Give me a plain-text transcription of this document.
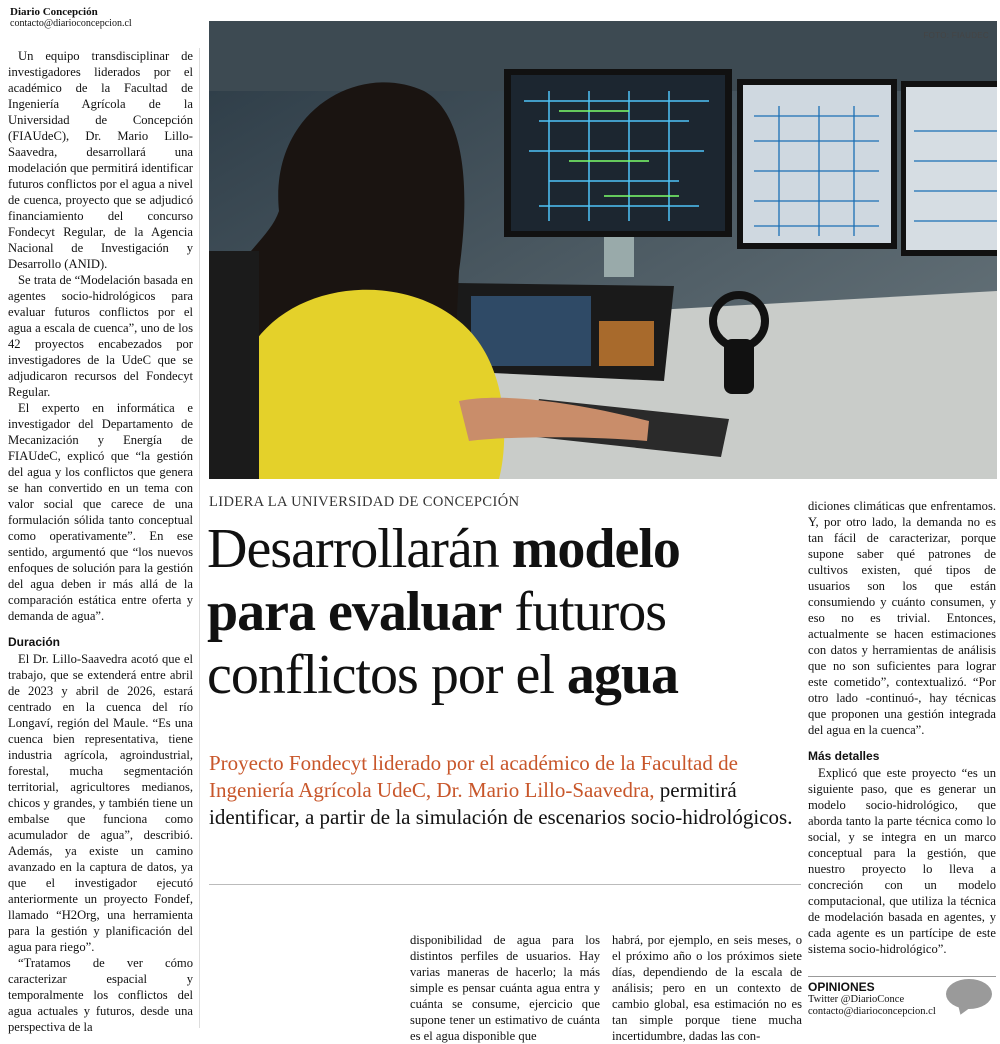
Diario Concepción
contacto@diarioconcepcion.cl

Un equipo transdisciplinar de investigadores liderados por el académico de la Facultad de Ingeniería Agrícola de la Universidad de Concepción (FIAUdeC), Dr. Mario Lillo-Saavedra, desarrollará una modelación que permitirá identificar futuros conflictos por el agua a nivel de cuenca, proyecto que se adjudicó financiamiento del concurso Fondecyt Regular, de la Agencia Nacional de Investigación y Desarrollo (ANID).

Se trata de “Modelación basada en agentes socio-hidrológicos para evaluar futuros conflictos por el agua a escala de cuenca”, uno de los 42 proyectos encabezados por investigadores de la UdeC que se adjudicaron recursos del Fondecyt Regular.

El experto en informática e investigador del Departamento de Mecanización y Energía de FIAUdeC, explicó que “la gestión del agua y los conflictos que genera se han convertido en un tema con valor social que carece de una formulación sólida tanto conceptual como operativamente”. En ese sentido, argumentó que “los nuevos enfoques de solución para la gestión del agua deben ir más allá de la comparación estática entre oferta y demanda de agua”.

Duración

El Dr. Lillo-Saavedra acotó que el trabajo, que se extenderá entre abril de 2023 y abril de 2026, estará centrado en la cuenca del río Longaví, región del Maule. “Es una cuenca bien representativa, tiene industria agrícola, agroindustrial, forestal, mucha segmentación territorial, agricultores medianos, chicos y grandes, y también tiene un embalse que funciona como acumulador de agua”, describió. Además, ya existe un camino avanzado en la captura de datos, ya que el investigador ejecutó anteriormente un proyecto Fondef, llamado “H2Org, una herramienta para la gestión y planificación del agua para riego”.

“Tratamos de ver cómo caracterizar espacial y temporalmente los conflictos del agua actuales y futuros, desde una perspectiva de la

FOTO: FIAUDEC
LIDERA LA UNIVERSIDAD DE CONCEPCIÓN
Desarrollarán modelo
para evaluar futuros
conflictos por el agua
Proyecto Fondecyt liderado por el académico de la Facultad de Ingeniería Agrícola UdeC, Dr. Mario Lillo-Saavedra, permitirá identificar, a partir de la simulación de escenarios socio-hidrológicos.

disponibilidad de agua para los distintos perfiles de usuarios. Hay varias maneras de hacerlo; la más simple es pensar cuánta agua entra y cuánta se consume, ejercicio que supone tener un estimativo de cuánta es el agua disponible que

habrá, por ejemplo, en seis meses, o el próximo año o los próximos siete días, dependiendo de la escala de análisis; pero en un contexto de cambio global, esa estimación no es tan simple porque tiene mucha incertidumbre, dadas las con-

diciones climáticas que enfrentamos. Y, por otro lado, la demanda no es tan fácil de caracterizar, porque supone saber qué patrones de cultivos existen, qué tipos de usuarios son los que están consumiendo y cuánto consumen, y eso no es trivial. Entonces, actualmente se hacen estimaciones con datos y herramientas de análisis que no son suficientes para lograr este cometido”, contextualizó. “Por otro lado -continuó-, hay técnicas que proponen una gestión integrada del agua en la cuenca”.

Más detalles

Explicó que este proyecto “es un siguiente paso, que es generar un modelo socio-hidrológico, que aborda tanto la parte técnica como lo social, y se integra en un marco conceptual para la gestión, que nuestro proyecto lo lleva a concreción con un modelo computacional, que utiliza la técnica de modelación basada en agentes, y cada agente es un partícipe de este sistema socio-hidrológico”.

OPINIONES
Twitter @DiarioConce
contacto@diarioconcepcion.cl
